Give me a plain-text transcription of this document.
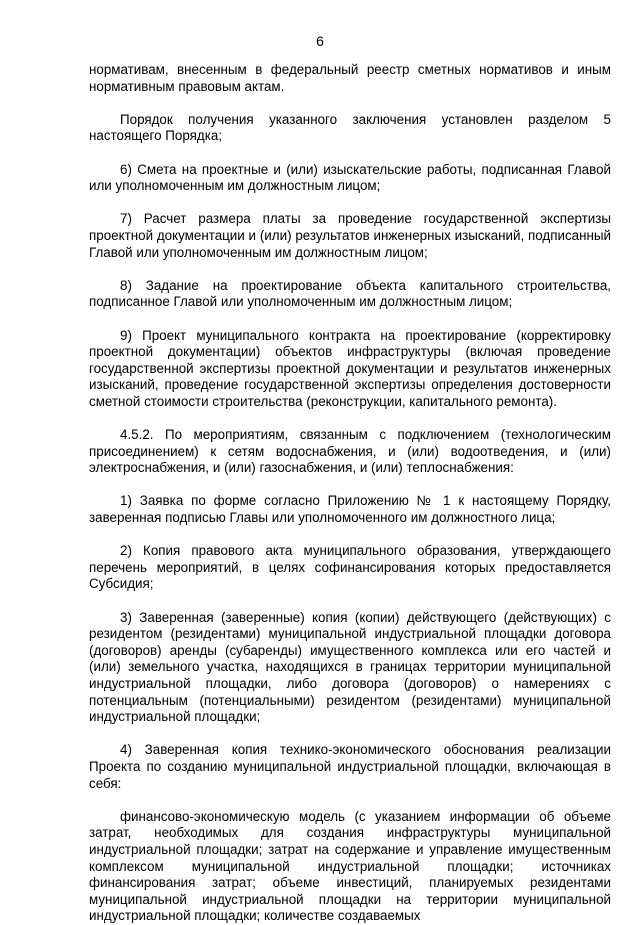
6

нормативам, внесенным в федеральный реестр сметных нормативов и иным нормативным правовым актам.

Порядок получения указанного заключения установлен разделом 5 настоящего Порядка;

6) Смета на проектные и (или) изыскательские работы, подписанная Главой или уполномоченным им должностным лицом;

7) Расчет размера платы за проведение государственной экспертизы проектной документации и (или) результатов инженерных изысканий, подписанный Главой или уполномоченным им должностным лицом;

8) Задание на проектирование объекта капитального строительства, подписанное Главой или уполномоченным им должностным лицом;

9) Проект муниципального контракта на проектирование (корректировку проектной документации) объектов инфраструктуры (включая проведение государственной экспертизы проектной документации и результатов инженерных изысканий, проведение государственной экспертизы определения достоверности сметной стоимости строительства (реконструкции, капитального ремонта).

4.5.2. По мероприятиям, связанным с подключением (технологическим присоединением) к сетям водоснабжения, и (или) водоотведения, и (или) электроснабжения, и (или) газоснабжения, и (или) теплоснабжения:

1) Заявка по форме согласно Приложению № 1 к настоящему Порядку, заверенная подписью Главы или уполномоченного им должностного лица;

2) Копия правового акта муниципального образования, утверждающего перечень мероприятий, в целях софинансирования которых предоставляется Субсидия;

3) Заверенная (заверенные) копия (копии) действующего (действующих) с резидентом (резидентами) муниципальной индустриальной площадки договора (договоров) аренды (субаренды) имущественного комплекса или его частей и (или) земельного участка, находящихся в границах территории муниципальной индустриальной площадки, либо договора (договоров) о намерениях с потенциальным (потенциальными) резидентом (резидентами) муниципальной индустриальной площадки;

4) Заверенная копия технико-экономического обоснования реализации Проекта по созданию муниципальной индустриальной площадки, включающая в себя:

финансово-экономическую модель (с указанием информации об объеме затрат, необходимых для создания инфраструктуры муниципальной индустриальной площадки; затрат на содержание и управление имущественным комплексом муниципальной индустриальной площадки; источниках финансирования затрат; объеме инвестиций, планируемых резидентами муниципальной индустриальной площадки на территории муниципальной индустриальной площадки; количестве создаваемых
